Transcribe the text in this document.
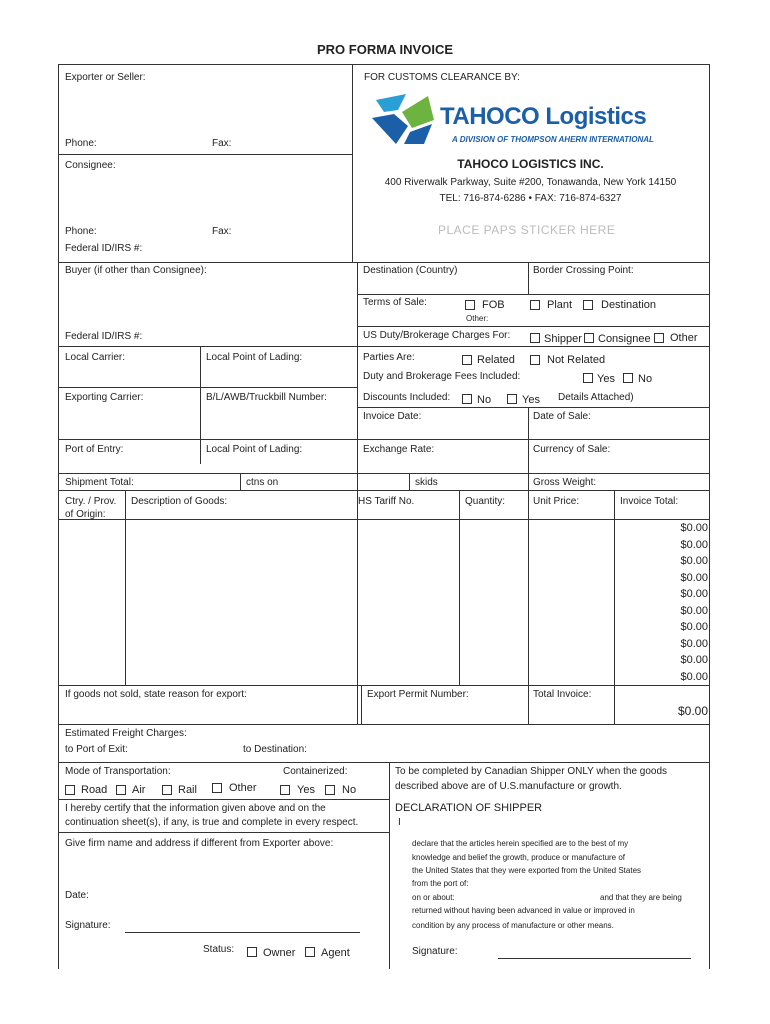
PRO FORMA INVOICE
Exporter or Seller:
Phone:	Fax:
Consignee:
Phone:	Fax:
Federal ID/IRS #:
FOR CUSTOMS CLEARANCE BY:
TAHOCO Logistics
A DIVISION OF THOMPSON AHERN INTERNATIONAL
TAHOCO LOGISTICS INC.
400 Riverwalk Parkway, Suite #200, Tonawanda, New York 14150
TEL: 716-874-6286 • FAX: 716-874-6327
PLACE PAPS STICKER HERE
Buyer (if other than Consignee):	Destination (Country)	Border Crossing Point:
Terms of Sale:	FOB	Plant	Destination
Other:
Federal ID/IRS #:	US Duty/Brokerage Charges For:	Shipper Consignee Other
Local Carrier:	Local Point of Lading:	Parties Are:	Related	Not Related
Duty and Brokerage Fees Included:	Yes No
Exporting Carrier:	B/L/AWB/Truckbill Number:	Discounts Included: No	Yes Details Attached)
Invoice Date:	Date of Sale:
Port of Entry:	Local Point of Lading:	Exchange Rate:	Currency of Sale:
Shipment Total:	ctns on	skids	Gross Weight:
Ctry. / Prov.
of Origin:
Description of Goods:	HS Tariff No.	Quantity:	Unit Price:	Invoice Total:
$0.00
$0.00
$0.00
$0.00
$0.00
$0.00
$0.00
$0.00
$0.00
$0.00
If goods not sold, state reason for export:	Export Permit Number:	Total Invoice:
$0.00
Estimated Freight Charges:
to Port of Exit:	to Destination:
Mode of Transportation:	Containerized:
Road Air	Rail	Other	Yes No
To be completed by Canadian Shipper ONLY when the goods
described above are of U.S.manufacture or growth.
I hereby certify that the information given above and on the
continuation sheet(s), if any, is true and complete in every respect.
Give firm name and address if different from Exporter above:
Date:
Signature:
Status:	Owner Agent
DECLARATION OF SHIPPER
I
declare that the articles herein specified are to the best of my
knowledge and belief the growth, produce or manufacture of
the United States that they were exported from the United States
from the port of:
on or about:	and that they are being
returned without having been advanced in value or improved in
condition by any process of manufacture or other means.
Signature:
